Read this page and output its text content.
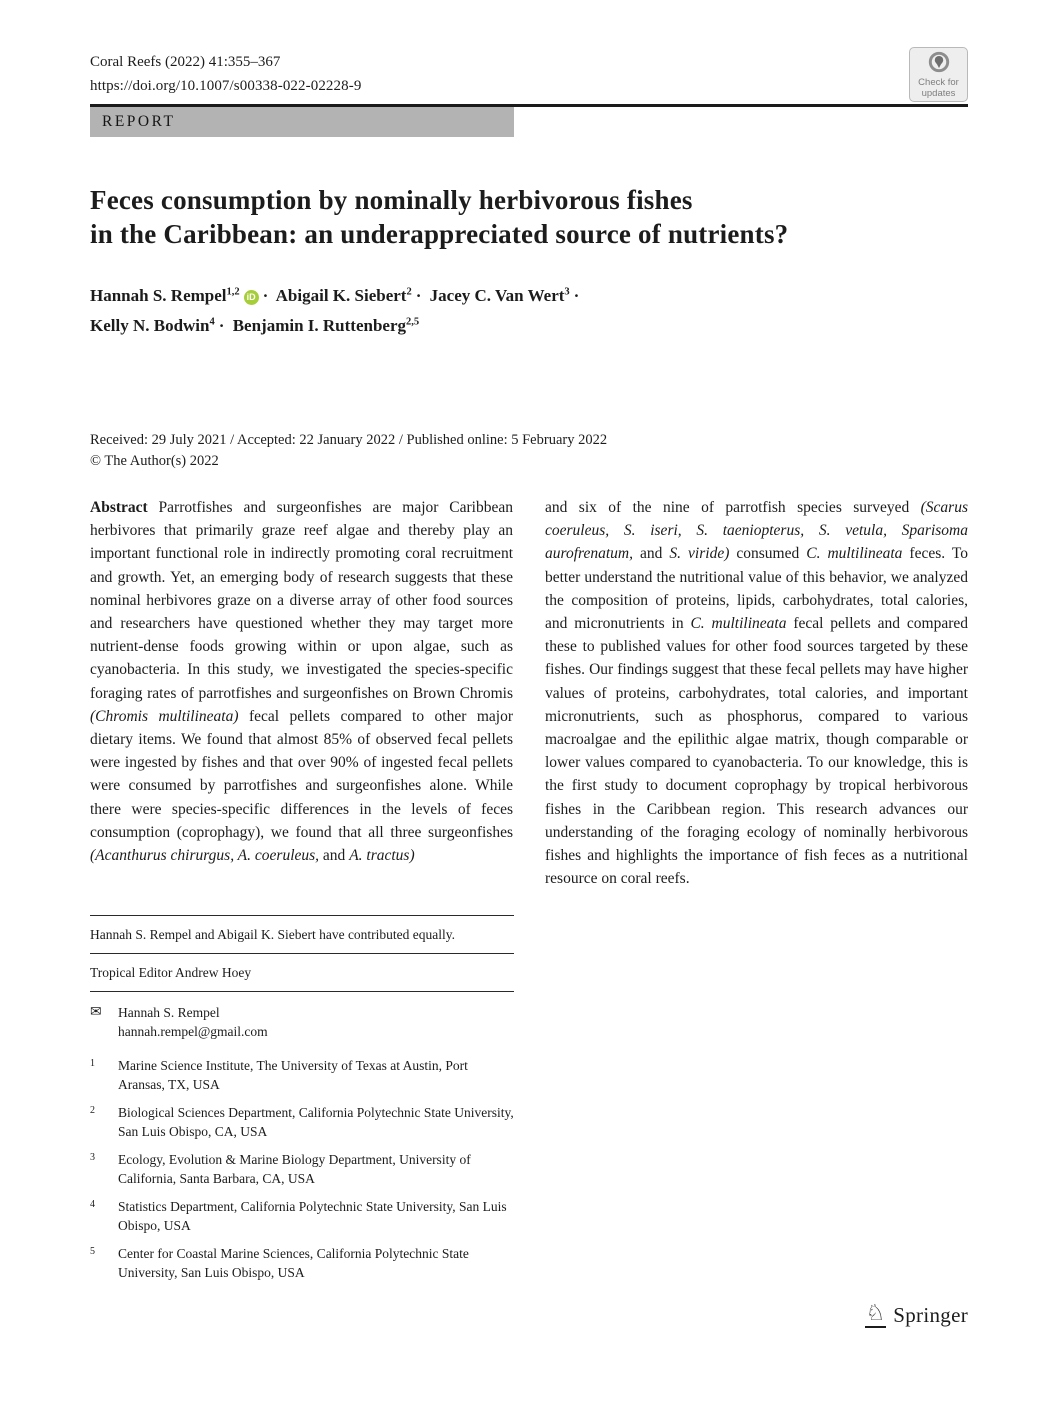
Coral Reefs (2022) 41:355–367
https://doi.org/10.1007/s00338-022-02228-9	Check for
updates
REPORT
Feces consumption by nominally herbivorous fishes
in the Caribbean: an underappreciated source of nutrients?
Hannah S. Rempel$^{1,2}$ iD · Abigail K. Siebert$^2$ · Jacey C. Van Wert$^3$ ·
Kelly N. Bodwin$^4$ · Benjamin I. Ruttenberg$^{2,5}$
Received: 29 July 2021 / Accepted: 22 January 2022 / Published online: 5 February 2022
© The Author(s) 2022
Abstract Parrotfishes and surgeonfishes are major Caribbean herbivores that primarily graze reef algae and thereby play an important functional role in indirectly promoting coral recruitment and growth. Yet, an emerging body of research suggests that these nominal herbivores graze on a diverse array of other food sources and researchers have questioned whether they may target more nutrient-dense foods growing within or upon algae, such as cyanobacteria. In this study, we investigated the species-specific foraging rates of parrotfishes and surgeonfishes on Brown Chromis (Chromis multilineata) fecal pellets compared to other major dietary items. We found that almost 85% of observed fecal pellets were ingested by fishes and that over 90% of ingested fecal pellets were consumed by parrotfishes and surgeonfishes alone. While there were species-specific differences in the levels of feces consumption (coprophagy), we found that all three surgeonfishes (Acanthurus chirurgus, A. coeruleus, and A. tractus)
and six of the nine of parrotfish species surveyed (Scarus coeruleus, S. iseri, S. taeniopterus, S. vetula, Sparisoma aurofrenatum, and S. viride) consumed C. multilineata feces. To better understand the nutritional value of this behavior, we analyzed the composition of proteins, lipids, carbohydrates, total calories, and micronutrients in C. multilineata fecal pellets and compared these to published values for other food sources targeted by these fishes. Our findings suggest that these fecal pellets may have higher values of proteins, carbohydrates, total calories, and important micronutrients, such as phosphorus, compared to various macroalgae and the epilithic algae matrix, though comparable or lower values compared to cyanobacteria. To our knowledge, this is the first study to document coprophagy by tropical herbivorous fishes in the Caribbean region. This research advances our understanding of the foraging ecology of nominally herbivorous fishes and highlights the importance of fish feces as a nutritional resource on coral reefs.
Hannah S. Rempel and Abigail K. Siebert have contributed equally.
Tropical Editor Andrew Hoey
✉	Hannah S. Rempel
hannah.rempel@gmail.com
1	Marine Science Institute, The University of Texas at Austin, Port Aransas, TX, USA
2	Biological Sciences Department, California Polytechnic State University, San Luis Obispo, CA, USA
3	Ecology, Evolution & Marine Biology Department, University of California, Santa Barbara, CA, USA
4	Statistics Department, California Polytechnic State University, San Luis Obispo, USA
5	Center for Coastal Marine Sciences, California Polytechnic State University, San Luis Obispo, USA
♘ Springer
